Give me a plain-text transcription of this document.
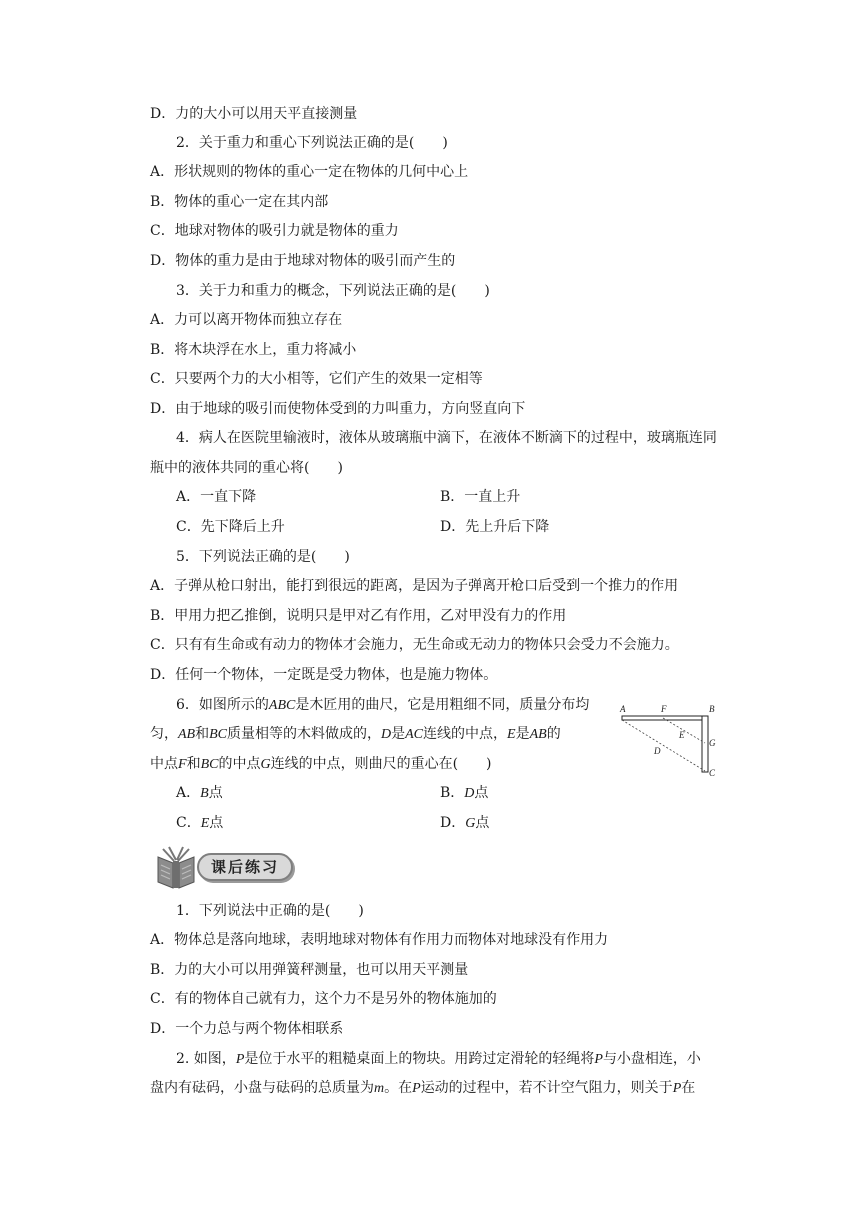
D．力的大小可以用天平直接测量
2．关于重力和重心下列说法正确的是(　　)
A．形状规则的物体的重心一定在物体的几何中心上
B．物体的重心一定在其内部
C．地球对物体的吸引力就是物体的重力
D．物体的重力是由于地球对物体的吸引而产生的
3．关于力和重力的概念，下列说法正确的是(　　)
A．力可以离开物体而独立存在
B．将木块浮在水上，重力将减小
C．只要两个力的大小相等，它们产生的效果一定相等
D．由于地球的吸引而使物体受到的力叫重力，方向竖直向下
4．病人在医院里输液时，液体从玻璃瓶中滴下，在液体不断滴下的过程中，玻璃瓶连同
瓶中的液体共同的重心将(　　)
A．一直下降	B．一直上升
C．先下降后上升	D．先上升后下降
5．下列说法正确的是(　　)
A．子弹从枪口射出，能打到很远的距离，是因为子弹离开枪口后受到一个推力的作用
B．甲用力把乙推倒，说明只是甲对乙有作用，乙对甲没有力的作用
C．只有有生命或有动力的物体才会施力，无生命或无动力的物体只会受力不会施力。
D．任何一个物体，一定既是受力物体，也是施力物体。
6．如图所示的ABC是木匠用的曲尺，它是用粗细不同，质量分布均
匀，AB和BC质量相等的木料做成的，D是AC连线的中点，E是AB的
中点F和BC的中点G连线的中点，则曲尺的重心在(　　)
A．B点	B．D点
C．E点	D．G点
A	F	B
E
G
D
C
课后练习
1．下列说法中正确的是(　　)
A．物体总是落向地球，表明地球对物体有作用力而物体对地球没有作用力
B．力的大小可以用弹簧秤测量，也可以用天平测量
C．有的物体自己就有力，这个力不是另外的物体施加的
D．一个力总与两个物体相联系
2. 如图，P是位于水平的粗糙桌面上的物块。用跨过定滑轮的轻绳将P与小盘相连，小
盘内有砝码，小盘与砝码的总质量为m。在P运动的过程中，若不计空气阻力，则关于P在
